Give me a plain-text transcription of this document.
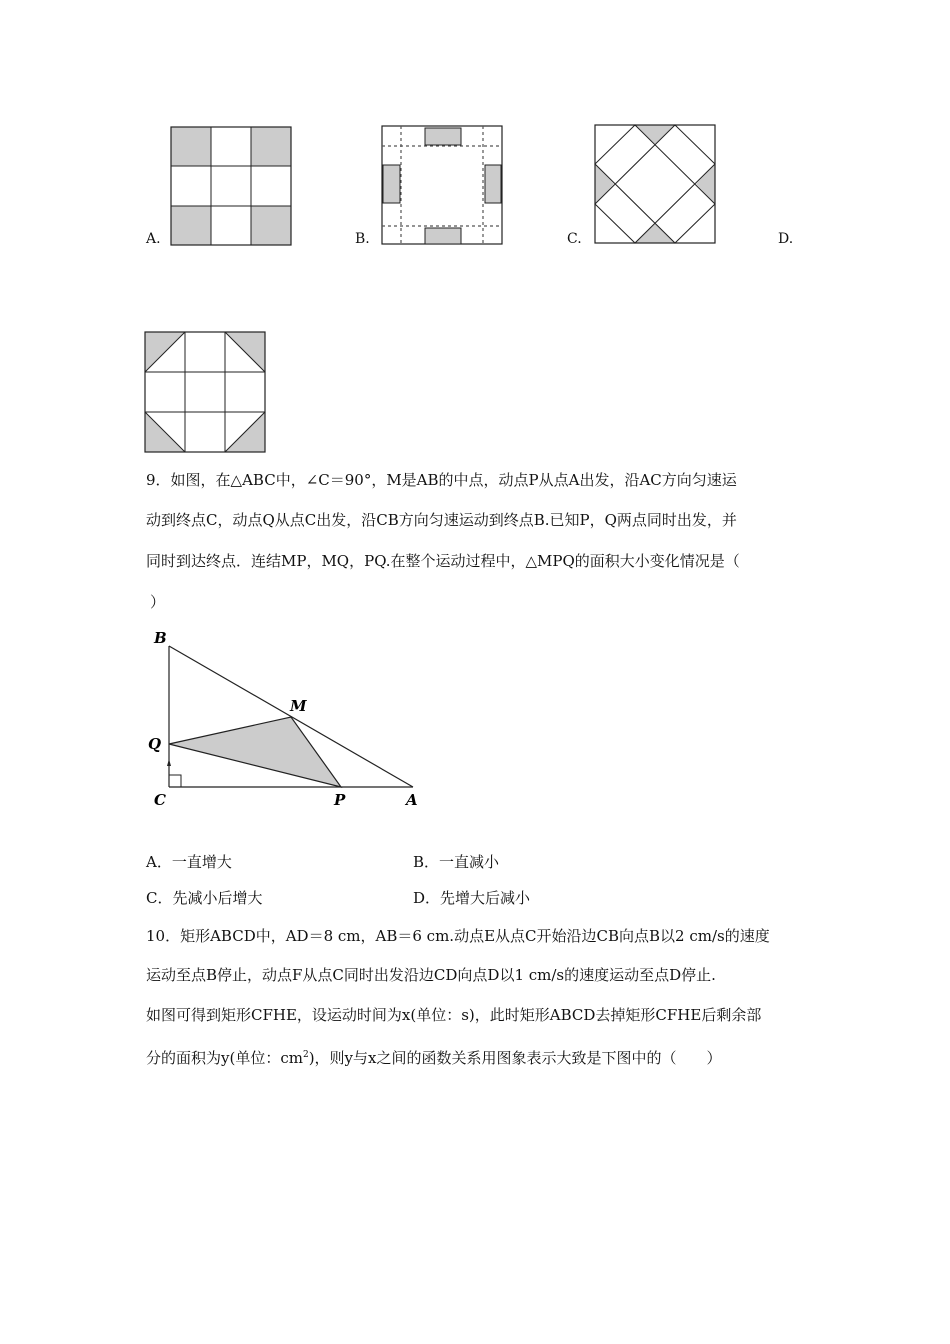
A.	B.	C.	D.
9．如图，在△ABC中，∠C＝90°，M是AB的中点，动点P从点A出发，沿AC方向匀速运
动到终点C，动点Q从点C出发，沿CB方向匀速运动到终点B.已知P，Q两点同时出发，并
同时到达终点．连结MP，MQ，PQ.在整个运动过程中，△MPQ的面积大小变化情况是（
）
B
M
Q
C	P	A
A．一直增大	B．一直减小
C．先减小后增大	D．先增大后减小
10．矩形ABCD中，AD＝8 cm，AB＝6 cm.动点E从点C开始沿边CB向点B以2 cm/s的速度
运动至点B停止，动点F从点C同时出发沿边CD向点D以1 cm/s的速度运动至点D停止.
如图可得到矩形CFHE，设运动时间为x(单位：s)，此时矩形ABCD去掉矩形CFHE后剩余部
分的面积为y(单位：$cm^2$)，则y与x之间的函数关系用图象表示大致是下图中的（　　）
